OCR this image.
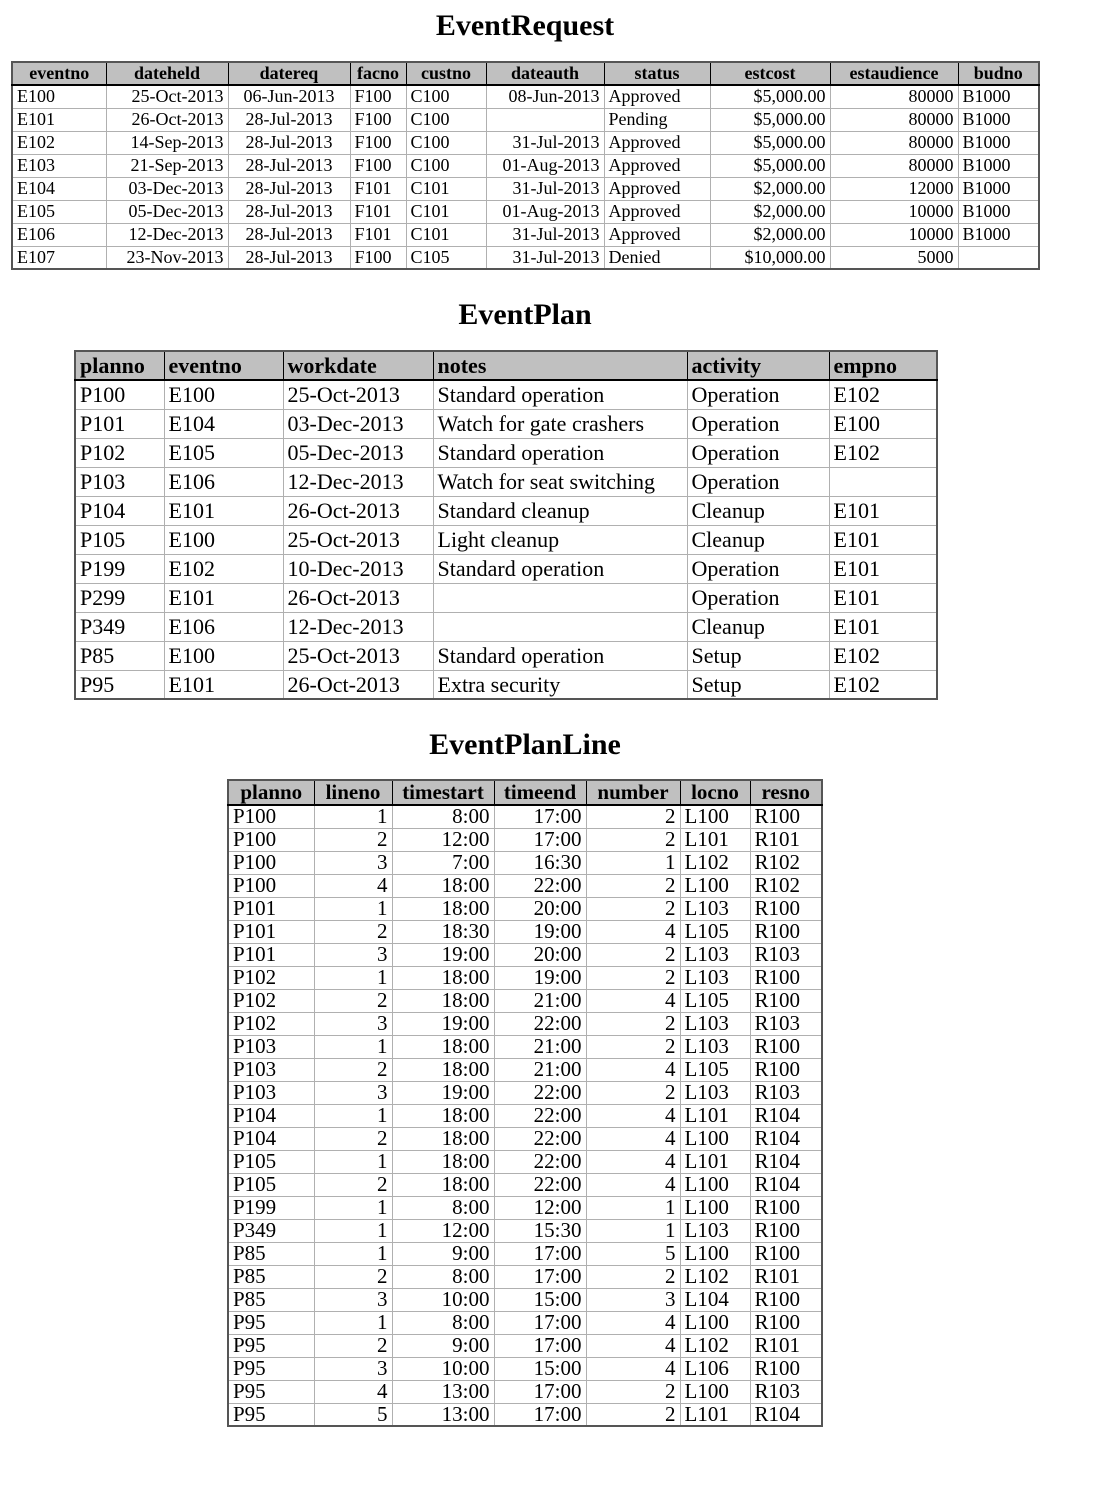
EventRequest
eventno	dateheld	datereq	facno	custno	dateauth	status	estcost	estaudience	budno
E100	25-Oct-2013	06-Jun-2013	F100	C100	08-Jun-2013	Approved	$5,000.00	80000	B1000
E101	26-Oct-2013	28-Jul-2013	F100	C100		Pending	$5,000.00	80000	B1000
E102	14-Sep-2013	28-Jul-2013	F100	C100	31-Jul-2013	Approved	$5,000.00	80000	B1000
E103	21-Sep-2013	28-Jul-2013	F100	C100	01-Aug-2013	Approved	$5,000.00	80000	B1000
E104	03-Dec-2013	28-Jul-2013	F101	C101	31-Jul-2013	Approved	$2,000.00	12000	B1000
E105	05-Dec-2013	28-Jul-2013	F101	C101	01-Aug-2013	Approved	$2,000.00	10000	B1000
E106	12-Dec-2013	28-Jul-2013	F101	C101	31-Jul-2013	Approved	$2,000.00	10000	B1000
E107	23-Nov-2013	28-Jul-2013	F100	C105	31-Jul-2013	Denied	$10,000.00	5000	
EventPlan
planno	eventno	workdate	notes	activity	empno
P100	E100	25-Oct-2013	Standard operation	Operation	E102
P101	E104	03-Dec-2013	Watch for gate crashers	Operation	E100
P102	E105	05-Dec-2013	Standard operation	Operation	E102
P103	E106	12-Dec-2013	Watch for seat switching	Operation	
P104	E101	26-Oct-2013	Standard cleanup	Cleanup	E101
P105	E100	25-Oct-2013	Light cleanup	Cleanup	E101
P199	E102	10-Dec-2013	Standard operation	Operation	E101
P299	E101	26-Oct-2013		Operation	E101
P349	E106	12-Dec-2013		Cleanup	E101
P85	E100	25-Oct-2013	Standard operation	Setup	E102
P95	E101	26-Oct-2013	Extra security	Setup	E102
EventPlanLine
planno	lineno	timestart	timeend	number	locno	resno
P100	1	8:00	17:00	2	L100	R100
P100	2	12:00	17:00	2	L101	R101
P100	3	7:00	16:30	1	L102	R102
P100	4	18:00	22:00	2	L100	R102
P101	1	18:00	20:00	2	L103	R100
P101	2	18:30	19:00	4	L105	R100
P101	3	19:00	20:00	2	L103	R103
P102	1	18:00	19:00	2	L103	R100
P102	2	18:00	21:00	4	L105	R100
P102	3	19:00	22:00	2	L103	R103
P103	1	18:00	21:00	2	L103	R100
P103	2	18:00	21:00	4	L105	R100
P103	3	19:00	22:00	2	L103	R103
P104	1	18:00	22:00	4	L101	R104
P104	2	18:00	22:00	4	L100	R104
P105	1	18:00	22:00	4	L101	R104
P105	2	18:00	22:00	4	L100	R104
P199	1	8:00	12:00	1	L100	R100
P349	1	12:00	15:30	1	L103	R100
P85	1	9:00	17:00	5	L100	R100
P85	2	8:00	17:00	2	L102	R101
P85	3	10:00	15:00	3	L104	R100
P95	1	8:00	17:00	4	L100	R100
P95	2	9:00	17:00	4	L102	R101
P95	3	10:00	15:00	4	L106	R100
P95	4	13:00	17:00	2	L100	R103
P95	5	13:00	17:00	2	L101	R104
